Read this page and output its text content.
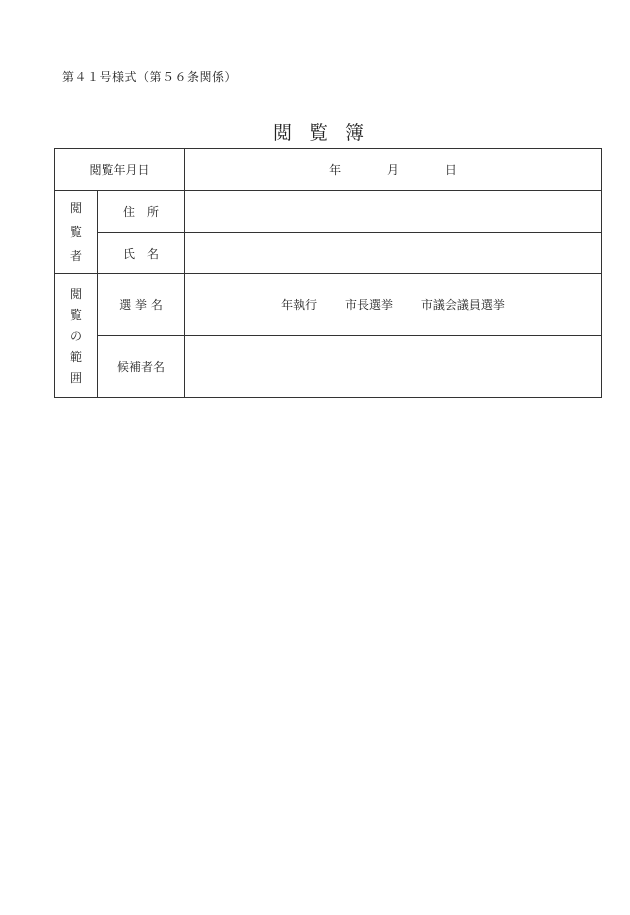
第４１号様式（第５６条関係）
閲覧簿
閲覧年月日		年 月 日

閲
覧
者	住　所	
	氏　名	

閲
覧
の
範
囲	選 挙 名	年執行 市長選挙 市議会議員選挙
	候補者名	
